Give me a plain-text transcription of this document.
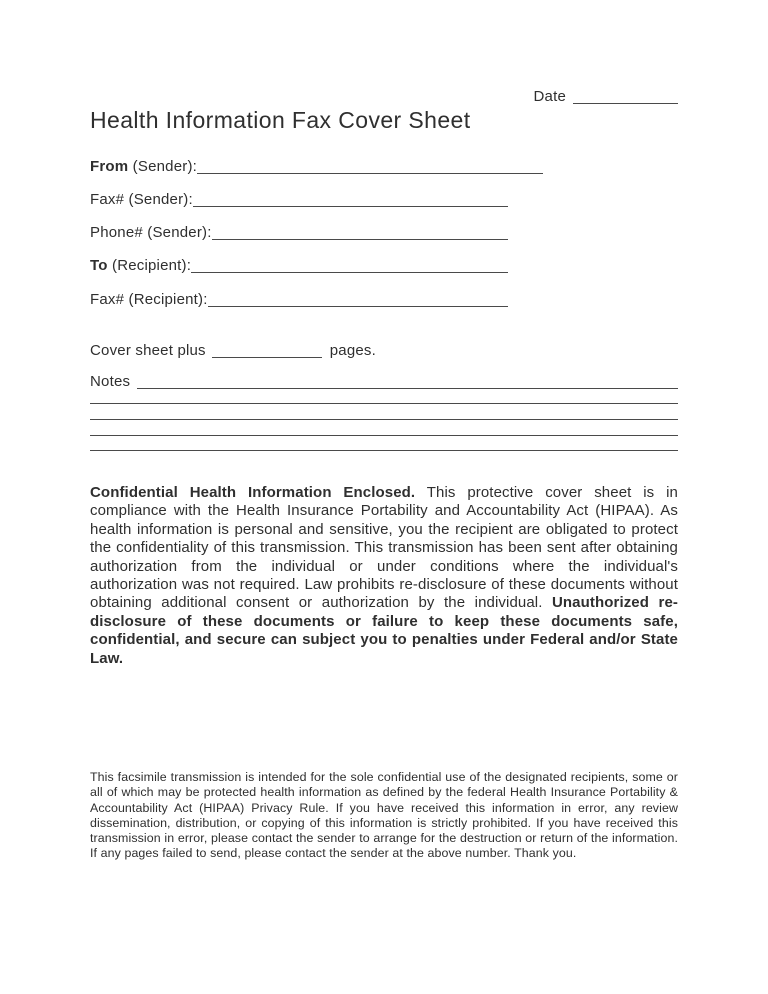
Date
Health Information Fax Cover Sheet
From (Sender):
Fax# (Sender):
Phone# (Sender):
To (Recipient):
Fax# (Recipient):
Cover sheet plus	pages.
Notes

Confidential Health Information Enclosed. This protective cover sheet is in compliance with the Health Insurance Portability and Accountability Act (HIPAA). As health information is personal and sensitive, you the recipient are obligated to protect the confidentiality of this transmission. This transmission has been sent after obtaining authorization from the individual or under conditions where the individual's authorization was not required. Law prohibits re-disclosure of these documents without obtaining additional consent or authorization by the individual. Unauthorized re-disclosure of these documents or failure to keep these documents safe, confidential, and secure can subject you to penalties under Federal and/or State Law.

This facsimile transmission is intended for the sole confidential use of the designated recipients, some or all of which may be protected health information as defined by the federal Health Insurance Portability & Accountability Act (HIPAA) Privacy Rule. If you have received this information in error, any review dissemination, distribution, or copying of this information is strictly prohibited. If you have received this transmission in error, please contact the sender to arrange for the destruction or return of the information. If any pages failed to send, please contact the sender at the above number. Thank you.
